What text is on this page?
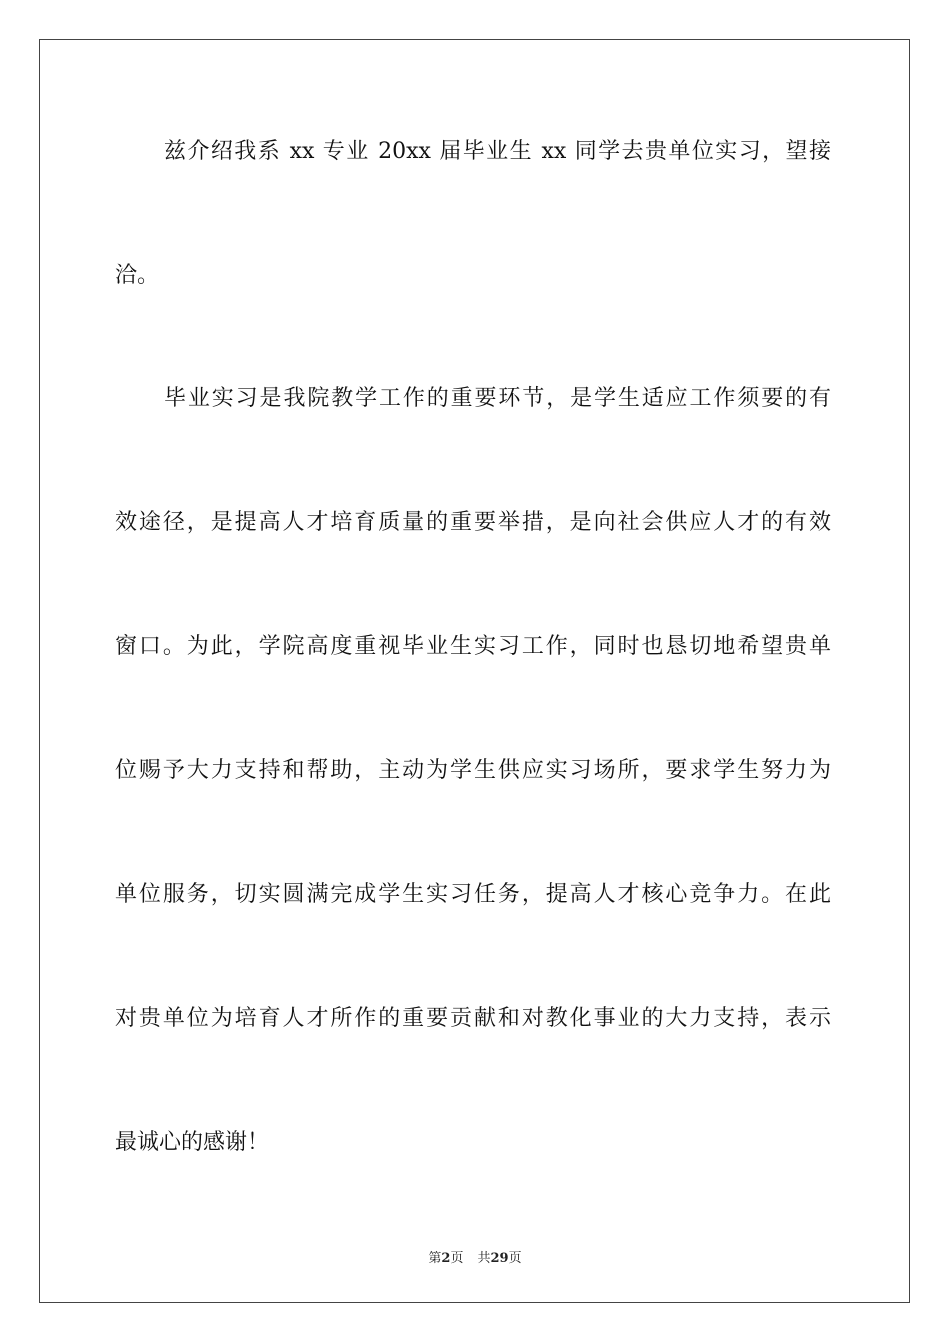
兹介绍我系 xx 专业 20xx 届毕业生 xx 同学去贵单位实习，望接
洽。
毕业实习是我院教学工作的重要环节，是学生适应工作须要的有
效途径，是提高人才培育质量的重要举措，是向社会供应人才的有效
窗口。为此，学院高度重视毕业生实习工作，同时也恳切地希望贵单
位赐予大力支持和帮助，主动为学生供应实习场所，要求学生努力为
单位服务，切实圆满完成学生实习任务，提高人才核心竞争力。在此
对贵单位为培育人才所作的重要贡献和对教化事业的大力支持，表示
最诚心的感谢！
第2页 共29页
